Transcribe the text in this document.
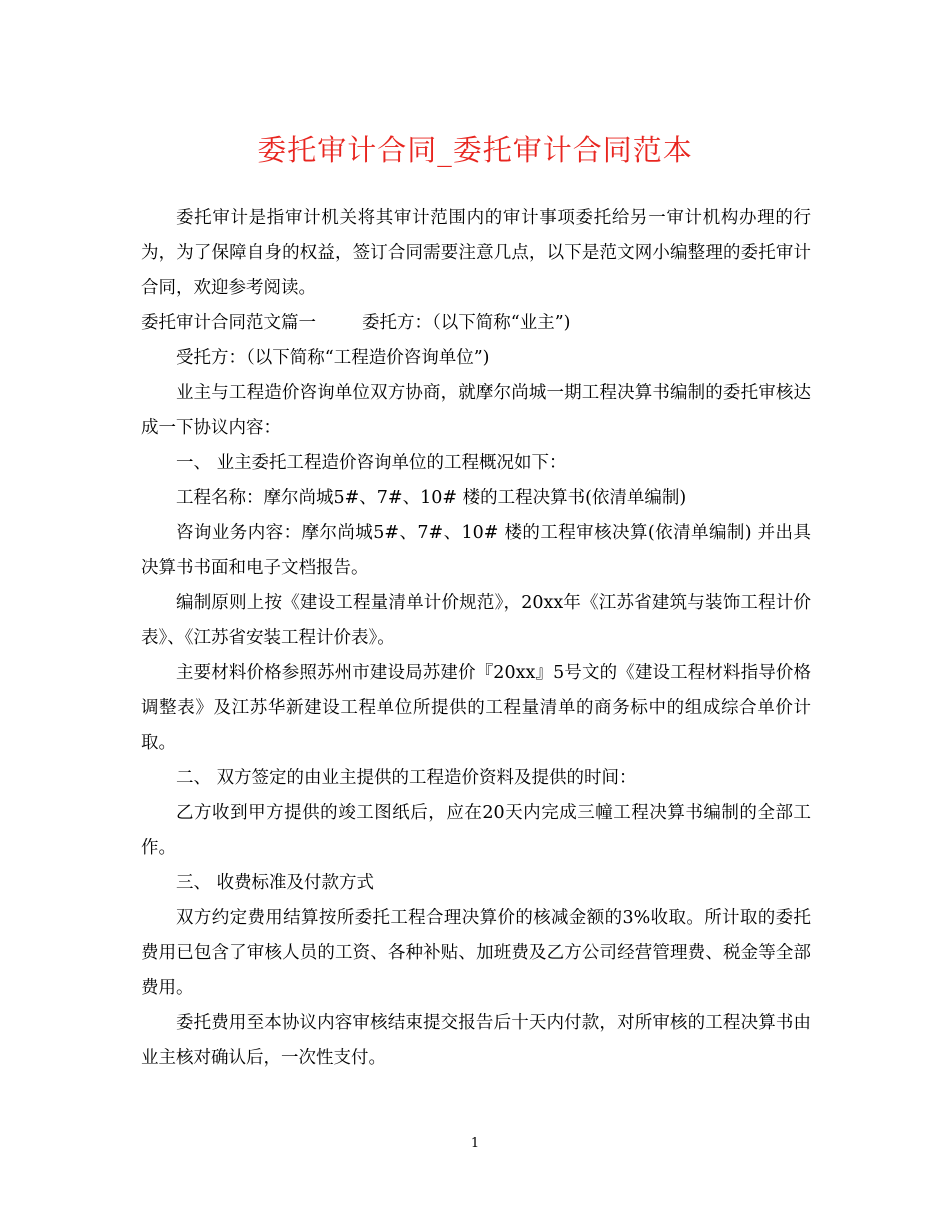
委托审计合同_委托审计合同范本

委托审计是指审计机关将其审计范围内的审计事项委托给另一审计机构办理的行为，为了保障自身的权益，签订合同需要注意几点，以下是范文网小编整理的委托审计合同，欢迎参考阅读。

委托审计合同范文篇一	委托方：（以下简称“业主”)

受托方：（以下简称“工程造价咨询单位”)

业主与工程造价咨询单位双方协商，就摩尔尚城一期工程决算书编制的委托审核达成一下协议内容：

一、 业主委托工程造价咨询单位的工程概况如下：

工程名称：摩尔尚城5#、7#、10# 楼的工程决算书(依清单编制)

咨询业务内容：摩尔尚城5#、7#、10# 楼的工程审核决算(依清单编制) 并出具决算书书面和电子文档报告。

编制原则上按《建设工程量清单计价规范》，20xx年《江苏省建筑与装饰工程计价表》、《江苏省安装工程计价表》。

主要材料价格参照苏州市建设局苏建价『20xx』5号文的《建设工程材料指导价格调整表》及江苏华新建设工程单位所提供的工程量清单的商务标中的组成综合单价计取。

二、 双方签定的由业主提供的工程造价资料及提供的时间：

乙方收到甲方提供的竣工图纸后，应在20天内完成三幢工程决算书编制的全部工作。

三、 收费标准及付款方式

双方约定费用结算按所委托工程合理决算价的核减金额的3%收取。所计取的委托费用已包含了审核人员的工资、各种补贴、加班费及乙方公司经营管理费、税金等全部费用。

委托费用至本协议内容审核结束提交报告后十天内付款，对所审核的工程决算书由业主核对确认后，一次性支付。

1
